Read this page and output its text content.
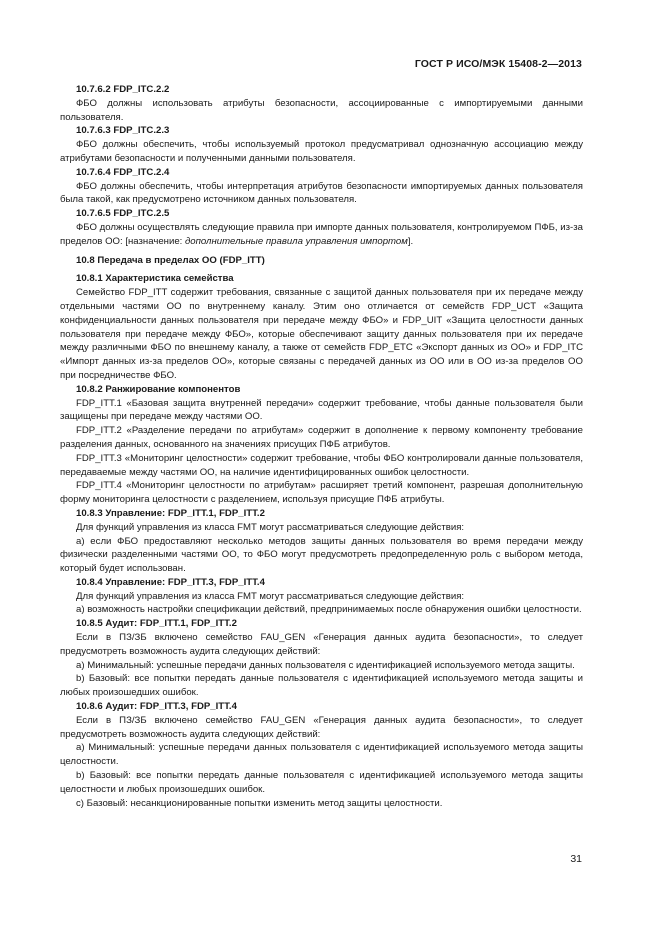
ГОСТ Р ИСО/МЭК 15408-2—2013

10.7.6.2 FDP_ITC.2.2

ФБО должны использовать атрибуты безопасности, ассоциированные с импортируемыми данными пользователя.

10.7.6.3 FDP_ITC.2.3

ФБО должны обеспечить, чтобы используемый протокол предусматривал однозначную ассоциацию между атрибутами безопасности и полученными данными пользователя.

10.7.6.4 FDP_ITC.2.4

ФБО должны обеспечить, чтобы интерпретация атрибутов безопасности импортируемых данных пользователя была такой, как предусмотрено источником данных пользователя.

10.7.6.5 FDP_ITC.2.5

ФБО должны осуществлять следующие правила при импорте данных пользователя, контролируемом ПФБ, из-за пределов ОО: [назначение: дополнительные правила управления импортом].

10.8 Передача в пределах ОО (FDP_ITT)

10.8.1 Характеристика семейства

Семейство FDP_ITT содержит требования, связанные с защитой данных пользователя при их передаче между отдельными частями ОО по внутреннему каналу. Этим оно отличается от семейств FDP_UCT «Защита конфиденциальности данных пользователя при передаче между ФБО» и FDP_UIT «Защита целостности данных пользователя при передаче между ФБО», которые обеспечивают защиту данных пользователя при их передаче между различными ФБО по внешнему каналу, а также от семейств FDP_ETC «Экспорт данных из ОО» и FDP_ITC «Импорт данных из-за пределов ОО», которые связаны с передачей данных из ОО или в ОО из-за пределов ОО при посредничестве ФБО.

10.8.2 Ранжирование компонентов

FDP_ITT.1 «Базовая защита внутренней передачи» содержит требование, чтобы данные пользователя были защищены при передаче между частями ОО.

FDP_ITT.2 «Разделение передачи по атрибутам» содержит в дополнение к первому компоненту требование разделения данных, основанного на значениях присущих ПФБ атрибутов.

FDP_ITT.3 «Мониторинг целостности» содержит требование, чтобы ФБО контролировали данные пользователя, передаваемые между частями ОО, на наличие идентифицированных ошибок целостности.

FDP_ITT.4 «Мониторинг целостности по атрибутам» расширяет третий компонент, разрешая дополнительную форму мониторинга целостности с разделением, используя присущие ПФБ атрибуты.

10.8.3 Управление: FDP_ITT.1, FDP_ITT.2

Для функций управления из класса FMT могут рассматриваться следующие действия:

a) если ФБО предоставляют несколько методов защиты данных пользователя во время передачи между физически разделенными частями ОО, то ФБО могут предусмотреть предопределенную роль с выбором метода, который будет использован.

10.8.4 Управление: FDP_ITT.3, FDP_ITT.4

Для функций управления из класса FMT могут рассматриваться следующие действия:

a) возможность настройки спецификации действий, предпринимаемых после обнаружения ошибки целостности.

10.8.5 Аудит: FDP_ITT.1, FDP_ITT.2

Если в ПЗ/ЗБ включено семейство FAU_GEN «Генерация данных аудита безопасности», то следует предусмотреть возможность аудита следующих действий:

a) Минимальный: успешные передачи данных пользователя с идентификацией используемого метода защиты.

b) Базовый: все попытки передать данные пользователя с идентификацией используемого метода защиты и любых произошедших ошибок.

10.8.6 Аудит: FDP_ITT.3, FDP_ITT.4

Если в ПЗ/ЗБ включено семейство FAU_GEN «Генерация данных аудита безопасности», то следует предусмотреть возможность аудита следующих действий:

a) Минимальный: успешные передачи данных пользователя с идентификацией используемого метода защиты целостности.

b) Базовый: все попытки передать данные пользователя с идентификацией используемого метода защиты целостности и любых произошедших ошибок.

c) Базовый: несанкционированные попытки изменить метод защиты целостности.

31
